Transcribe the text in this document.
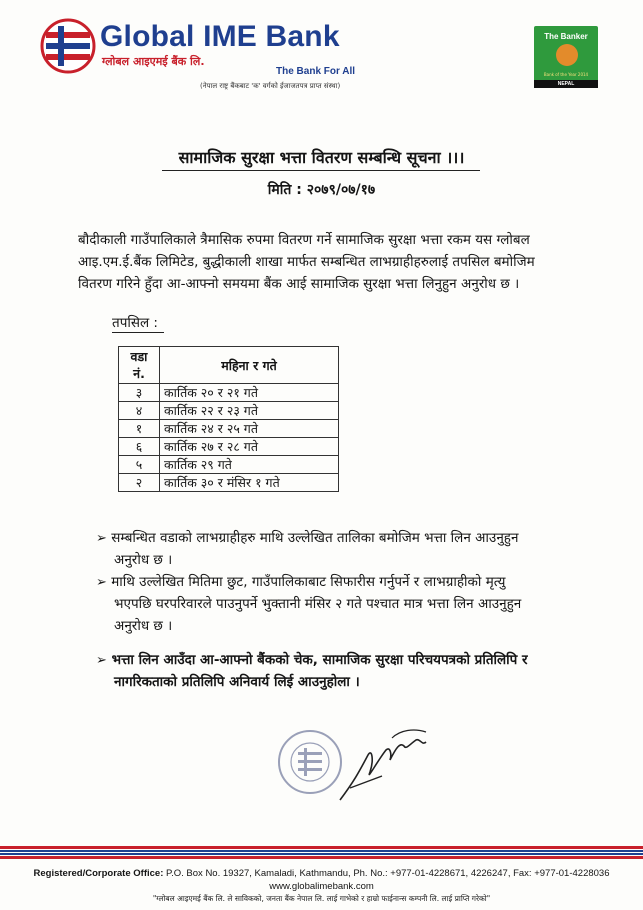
Global IME Bank
ग्लोबल आइएमई बैंक लि.
The Bank For All
(नेपाल राष्ट्र बैंकबाट 'क' वर्गको ईजाजतपत्र प्राप्त संस्था)
The Banker
Bank of the Year 2014
NEPAL
सामाजिक सुरक्षा भत्ता वितरण सम्बन्धि सूचना ।।।
मिति : २०७९/०७/१७
बौदीकाली गाउँपालिकाले त्रैमासिक रुपमा वितरण गर्ने सामाजिक सुरक्षा भत्ता रकम यस ग्लोबल
आइ.एम.ई.बैंक लिमिटेड, बुद्धीकाली शाखा मार्फत सम्बन्धित लाभग्राहीहरुलाई तपसिल बमोजिम
वितरण गरिने हुँदा आ-आफ्नो समयमा बैंक आई सामाजिक सुरक्षा भत्ता लिनुहुन अनुरोध छ ।
तपसिल :
वडा नं.	महिना र गते
३	कार्तिक २० र २१ गते
४	कार्तिक २२ र २३ गते
१	कार्तिक २४ र २५ गते
६	कार्तिक २७ र २८ गते
५	कार्तिक २९ गते
२	कार्तिक ३० र मंसिर १ गते
➢ सम्बन्धित वडाको लाभग्राहीहरु माथि उल्लेखित तालिका बमोजिम भत्ता लिन आउनुहुन
अनुरोध छ ।
➢ माथि उल्लेखित मितिमा छुट, गाउँपालिकाबाट सिफारीस गर्नुपर्ने र लाभग्राहीको मृत्यु
भएपछि घरपरिवारले पाउनुपर्ने भुक्तानी मंसिर २ गते पश्चात मात्र भत्ता लिन आउनुहुन
अनुरोध छ ।
➢ भत्ता लिन आउँदा आ-आफ्नो बैंकको चेक, सामाजिक सुरक्षा परिचयपत्रको प्रतिलिपि र
नागरिकताको प्रतिलिपि अनिवार्य लिई आउनुहोला ।
Registered/Corporate Office: P.O. Box No. 19327, Kamaladi, Kathmandu, Ph. No.: +977-01-4228671, 4226247, Fax: +977-01-4228036
www.globalimebank.com
"ग्लोबल आइएमई बैंक लि. ले साविकको, जनता बैंक नेपाल लि. लाई गाभेको र हाम्रो फाईनान्स कम्पनी लि. लाई प्राप्ति गरेको"
